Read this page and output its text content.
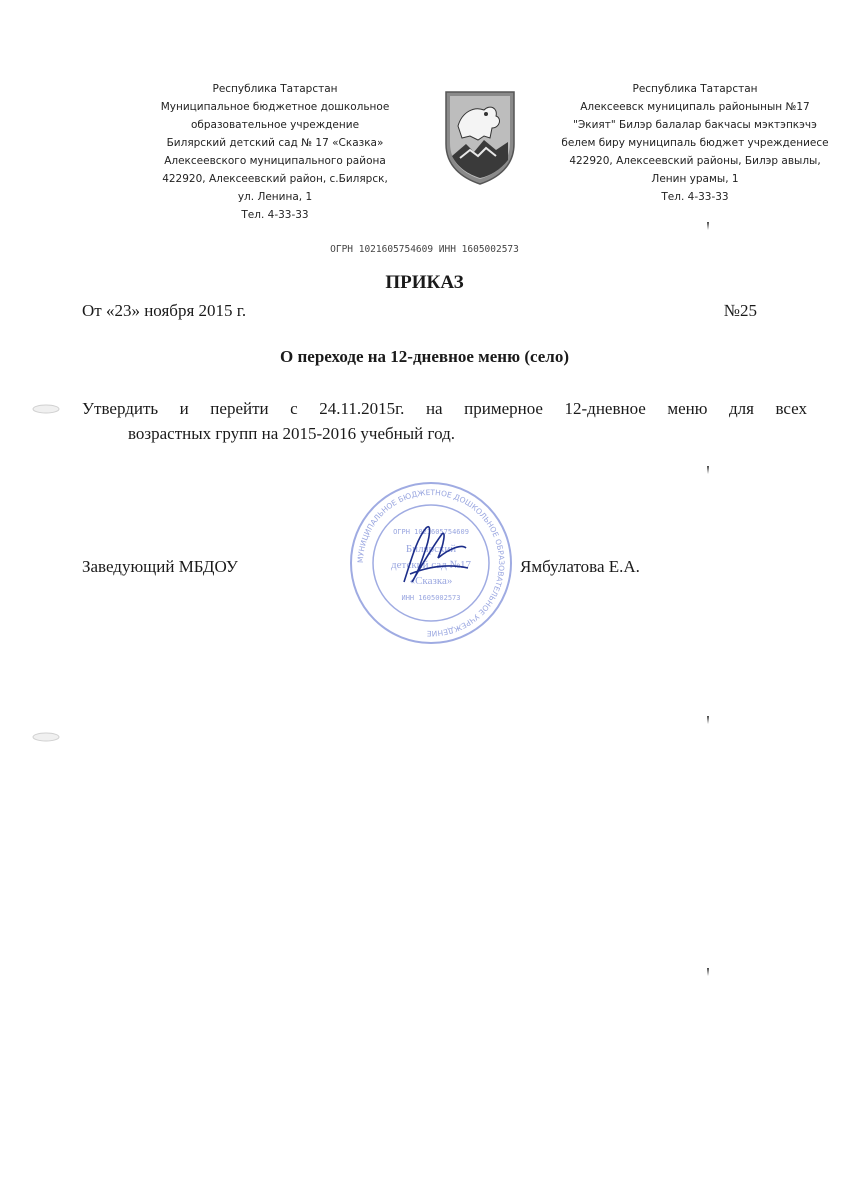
Республика Татарстан
Муниципальное бюджетное дошкольное
образовательное учреждение
Билярский детский сад № 17 «Сказка»
Алексеевского муниципального района
422920, Алексеевский район, с.Билярск,
ул. Ленина, 1
Тел. 4-33-33
Республика Татарстан
Алексеевск муниципаль районынын №17
"Экият" Билэр балалар бакчасы мэктэпкэчэ
белем биру муниципаль бюджет учреждениесе
422920, Алексеевский районы, Билэр авылы,
Ленин урамы, 1
Тел. 4-33-33
ОГРН 1021605754609 ИНН 1605002573
ПРИКАЗ
От «23» ноября 2015 г.	№25
О переходе на 12-дневное меню (село)
Утвердить и перейти с 24.11.2015г. на примерное 12-дневное меню для всех
возрастных групп на 2015-2016 учебный год.
Заведующий МБДОУ	Ямбулатова Е.А.
МУНИЦИПАЛЬНОЕ БЮДЖЕТНОЕ ДОШКОЛЬНОЕ ОБРАЗОВАТЕЛЬНОЕ УЧРЕЖДЕНИЕ
ОГРН 1021605754609
Билярский
детский сад №17
«Сказка»
ИНН 1605002573
